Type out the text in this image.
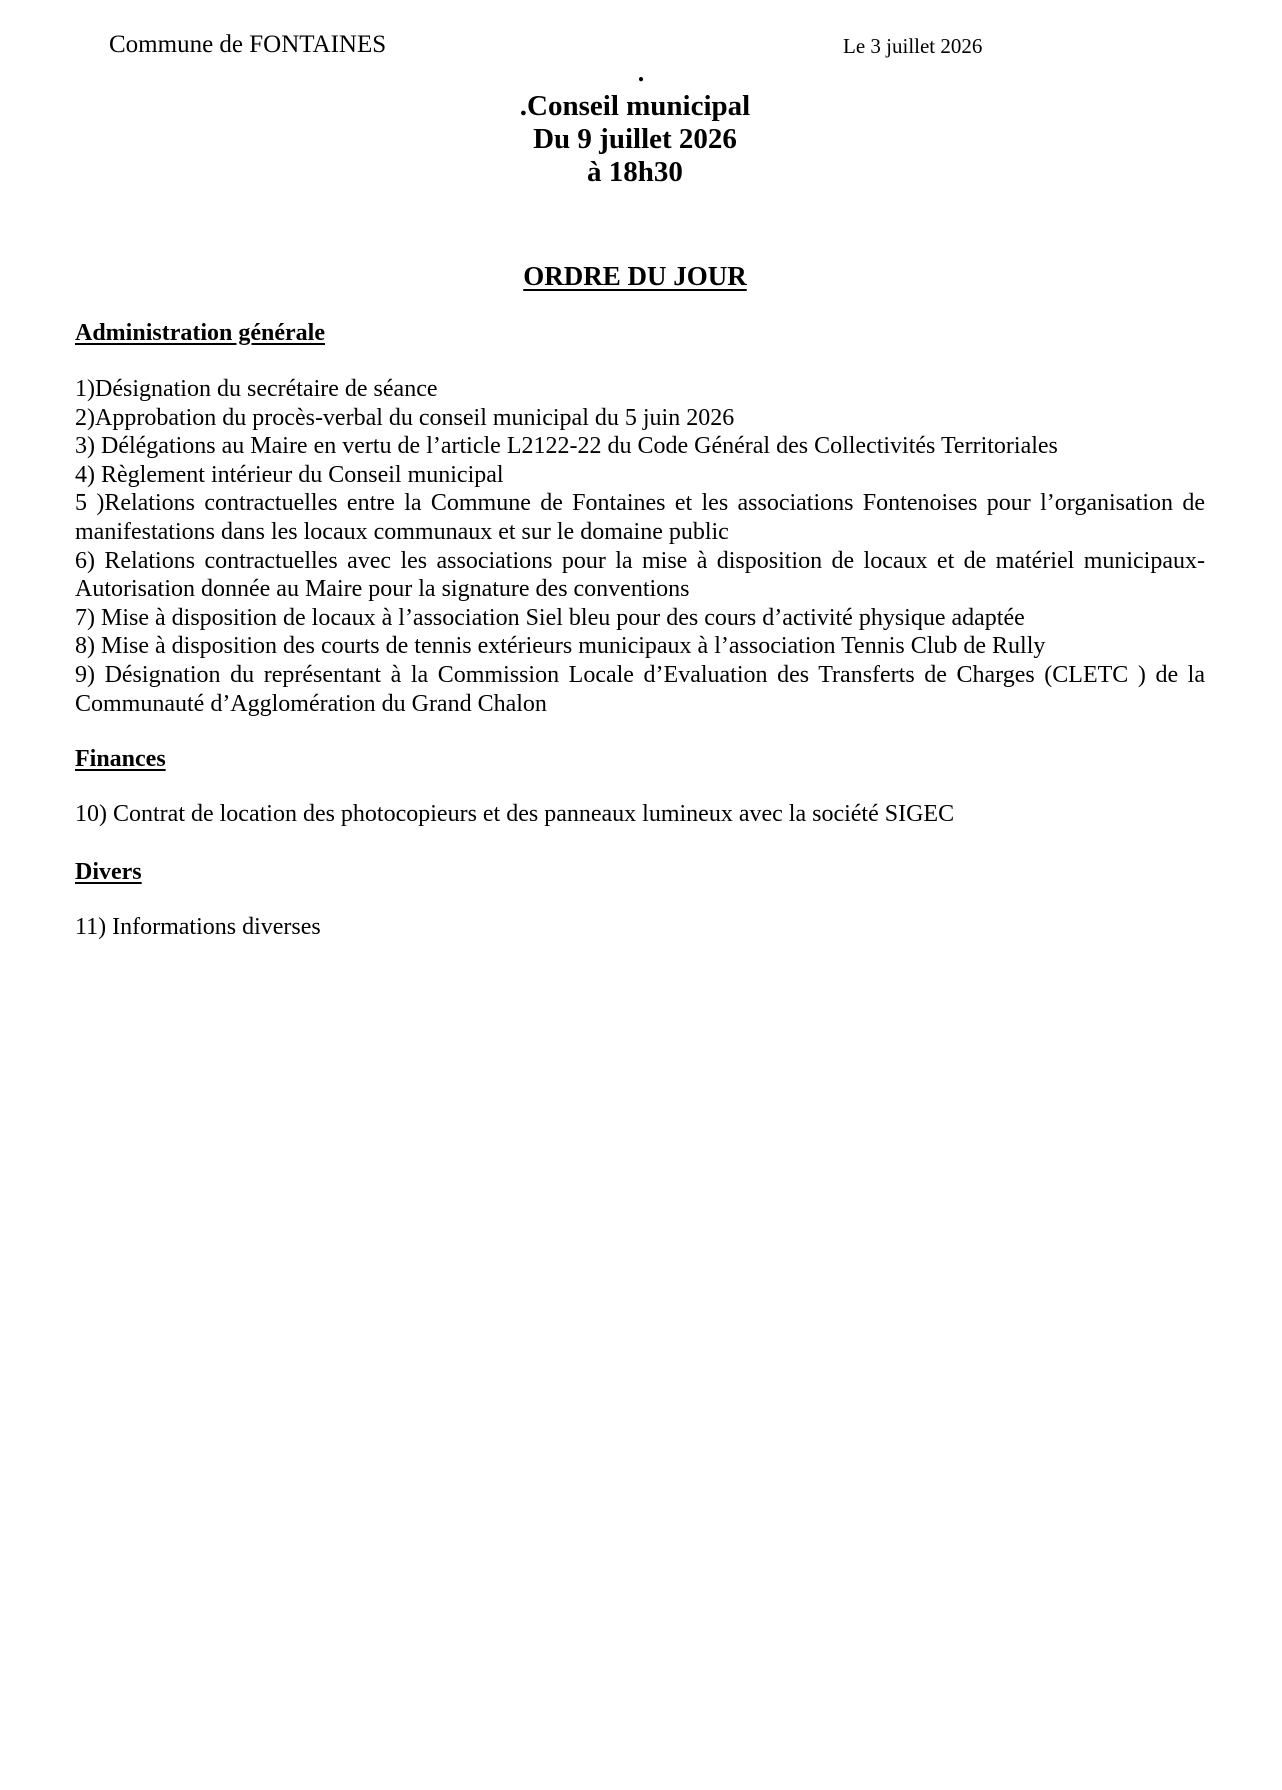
Commune de FONTAINES	Le 3 juillet 2026
.
.Conseil municipal
Du 9 juillet 2026
à 18h30
ORDRE DU JOUR
Administration générale

1)Désignation du secrétaire de séance

2)Approbation du procès-verbal du conseil municipal du 5 juin 2026

3) Délégations au Maire en vertu de l’article L2122-22 du Code Général des Collectivités Territoriales

4) Règlement intérieur du Conseil municipal

5 )Relations contractuelles entre la Commune de Fontaines et les associations Fontenoises pour l’organisation de manifestations dans les locaux communaux et sur le domaine public

6) Relations contractuelles avec les associations pour la mise à disposition de locaux et de matériel municipaux- Autorisation donnée au Maire pour la signature des conventions

7) Mise à disposition de locaux à l’association Siel bleu pour des cours d’activité physique adaptée

8) Mise à disposition des courts de tennis extérieurs municipaux à l’association Tennis Club de Rully

9) Désignation du représentant à la Commission Locale d’Evaluation des Transferts de Charges (CLETC ) de la Communauté d’Agglomération du Grand Chalon

Finances

10) Contrat de location des photocopieurs et des panneaux lumineux avec la société SIGEC

Divers

11) Informations diverses
